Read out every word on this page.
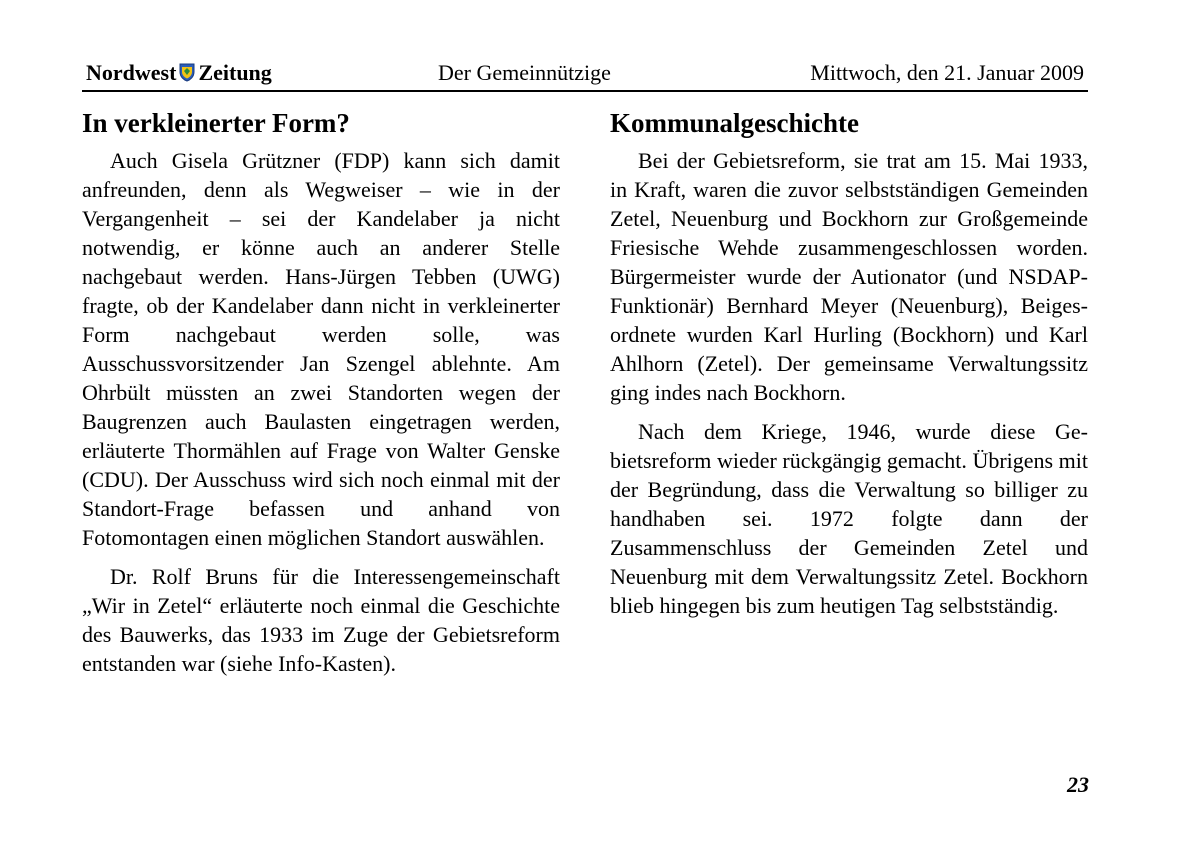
Nordwest Zeitung	Der Gemeinnützige	Mittwoch, den 21. Januar 2009
In verkleinerter Form?

Auch Gisela Grützner (FDP) kann sich damit anfreunden, denn als Wegweiser – wie in der Vergangenheit – sei der Kandelaber ja nicht notwendig, er könne auch an anderer Stelle nachgebaut werden. Hans-Jürgen Tebben (UWG) fragte, ob der Kandelaber dann nicht in verkleinerter Form nachgebaut werden solle, was Ausschussvorsitzender Jan Szengel ablehnte. Am Ohrbült müssten an zwei Standorten wegen der Baugrenzen auch Baulasten eingetragen werden, erläuterte Thormählen auf Frage von Walter Genske (CDU). Der Ausschuss wird sich noch einmal mit der Standort-Frage befassen und anhand von Fotomontagen einen möglichen Standort auswählen.

Dr. Rolf Bruns für die Interessengemeinschaft „Wir in Zetel“ erläuterte noch einmal die Geschichte des Bauwerks, das 1933 im Zuge der Gebietsreform entstanden war (siehe Info-Kasten).

Kommunalgeschichte

Bei der Gebietsreform, sie trat am 15. Mai 1933, in Kraft, waren die zuvor selbstständigen Gemeinden Zetel, Neuenburg und Bockhorn zur Großgemeinde Friesische Wehde zusammengeschlossen worden. Bürgermeister wurde der Autionator (und NSDAP-Funktionär) Bernhard Meyer (Neuenburg), Beigesordnete wurden Karl Hurling (Bockhorn) und Karl Ahlhorn (Zetel). Der gemeinsame Verwaltungssitz ging indes nach Bockhorn.

Nach dem Kriege, 1946, wurde diese Gebietsreform wieder rückgängig gemacht. Übrigens mit der Begründung, dass die Verwaltung so billiger zu handhaben sei. 1972 folgte dann der Zusammenschluss der Gemeinden Zetel und Neuenburg mit dem Verwaltungssitz Zetel. Bockhorn blieb hingegen bis zum heutigen Tag selbstständig.

23
